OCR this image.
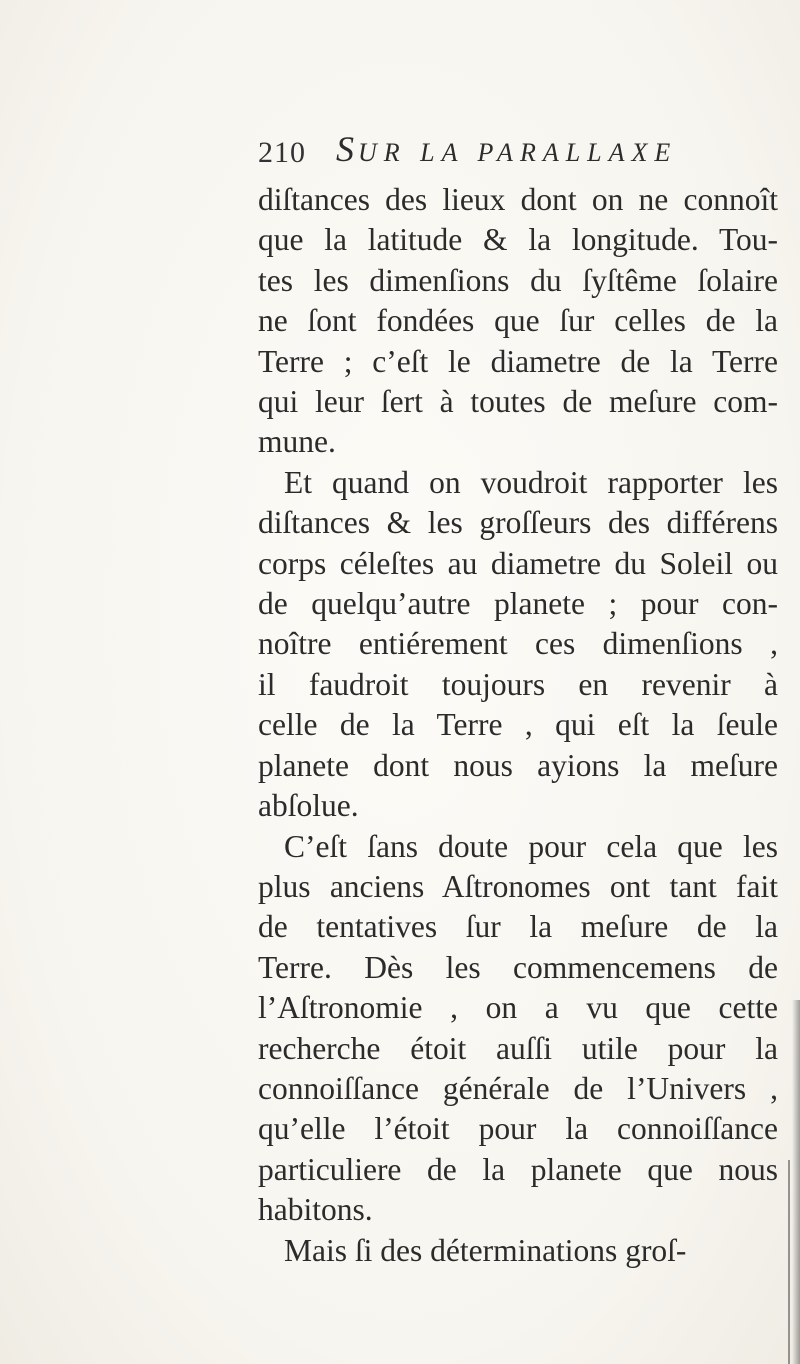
210 SUR LA PARALLAXE
diſtances des lieux dont on ne connoît
que la latitude & la longitude. Tou-
tes les dimenſions du ſyſtême ſolaire
ne ſont fondées que ſur celles de la
Terre ; c’eſt le diametre de la Terre
qui leur ſert à toutes de meſure com-
mune.
Et quand on voudroit rapporter les
diſtances & les groſſeurs des différens
corps céleſtes au diametre du Soleil ou
de quelqu’autre planete ; pour con-
noître entiérement ces dimenſions ,
il faudroit toujours en revenir à
celle de la Terre , qui eſt la ſeule
planete dont nous ayions la meſure
abſolue.
C’eſt ſans doute pour cela que les
plus anciens Aſtronomes ont tant fait
de tentatives ſur la meſure de la
Terre. Dès les commencemens de
l’Aſtronomie , on a vu que cette
recherche étoit auſſi utile pour la
connoiſſance générale de l’Univers ,
qu’elle l’étoit pour la connoiſſance
particuliere de la planete que nous
habitons.
Mais ſi des déterminations groſ-
